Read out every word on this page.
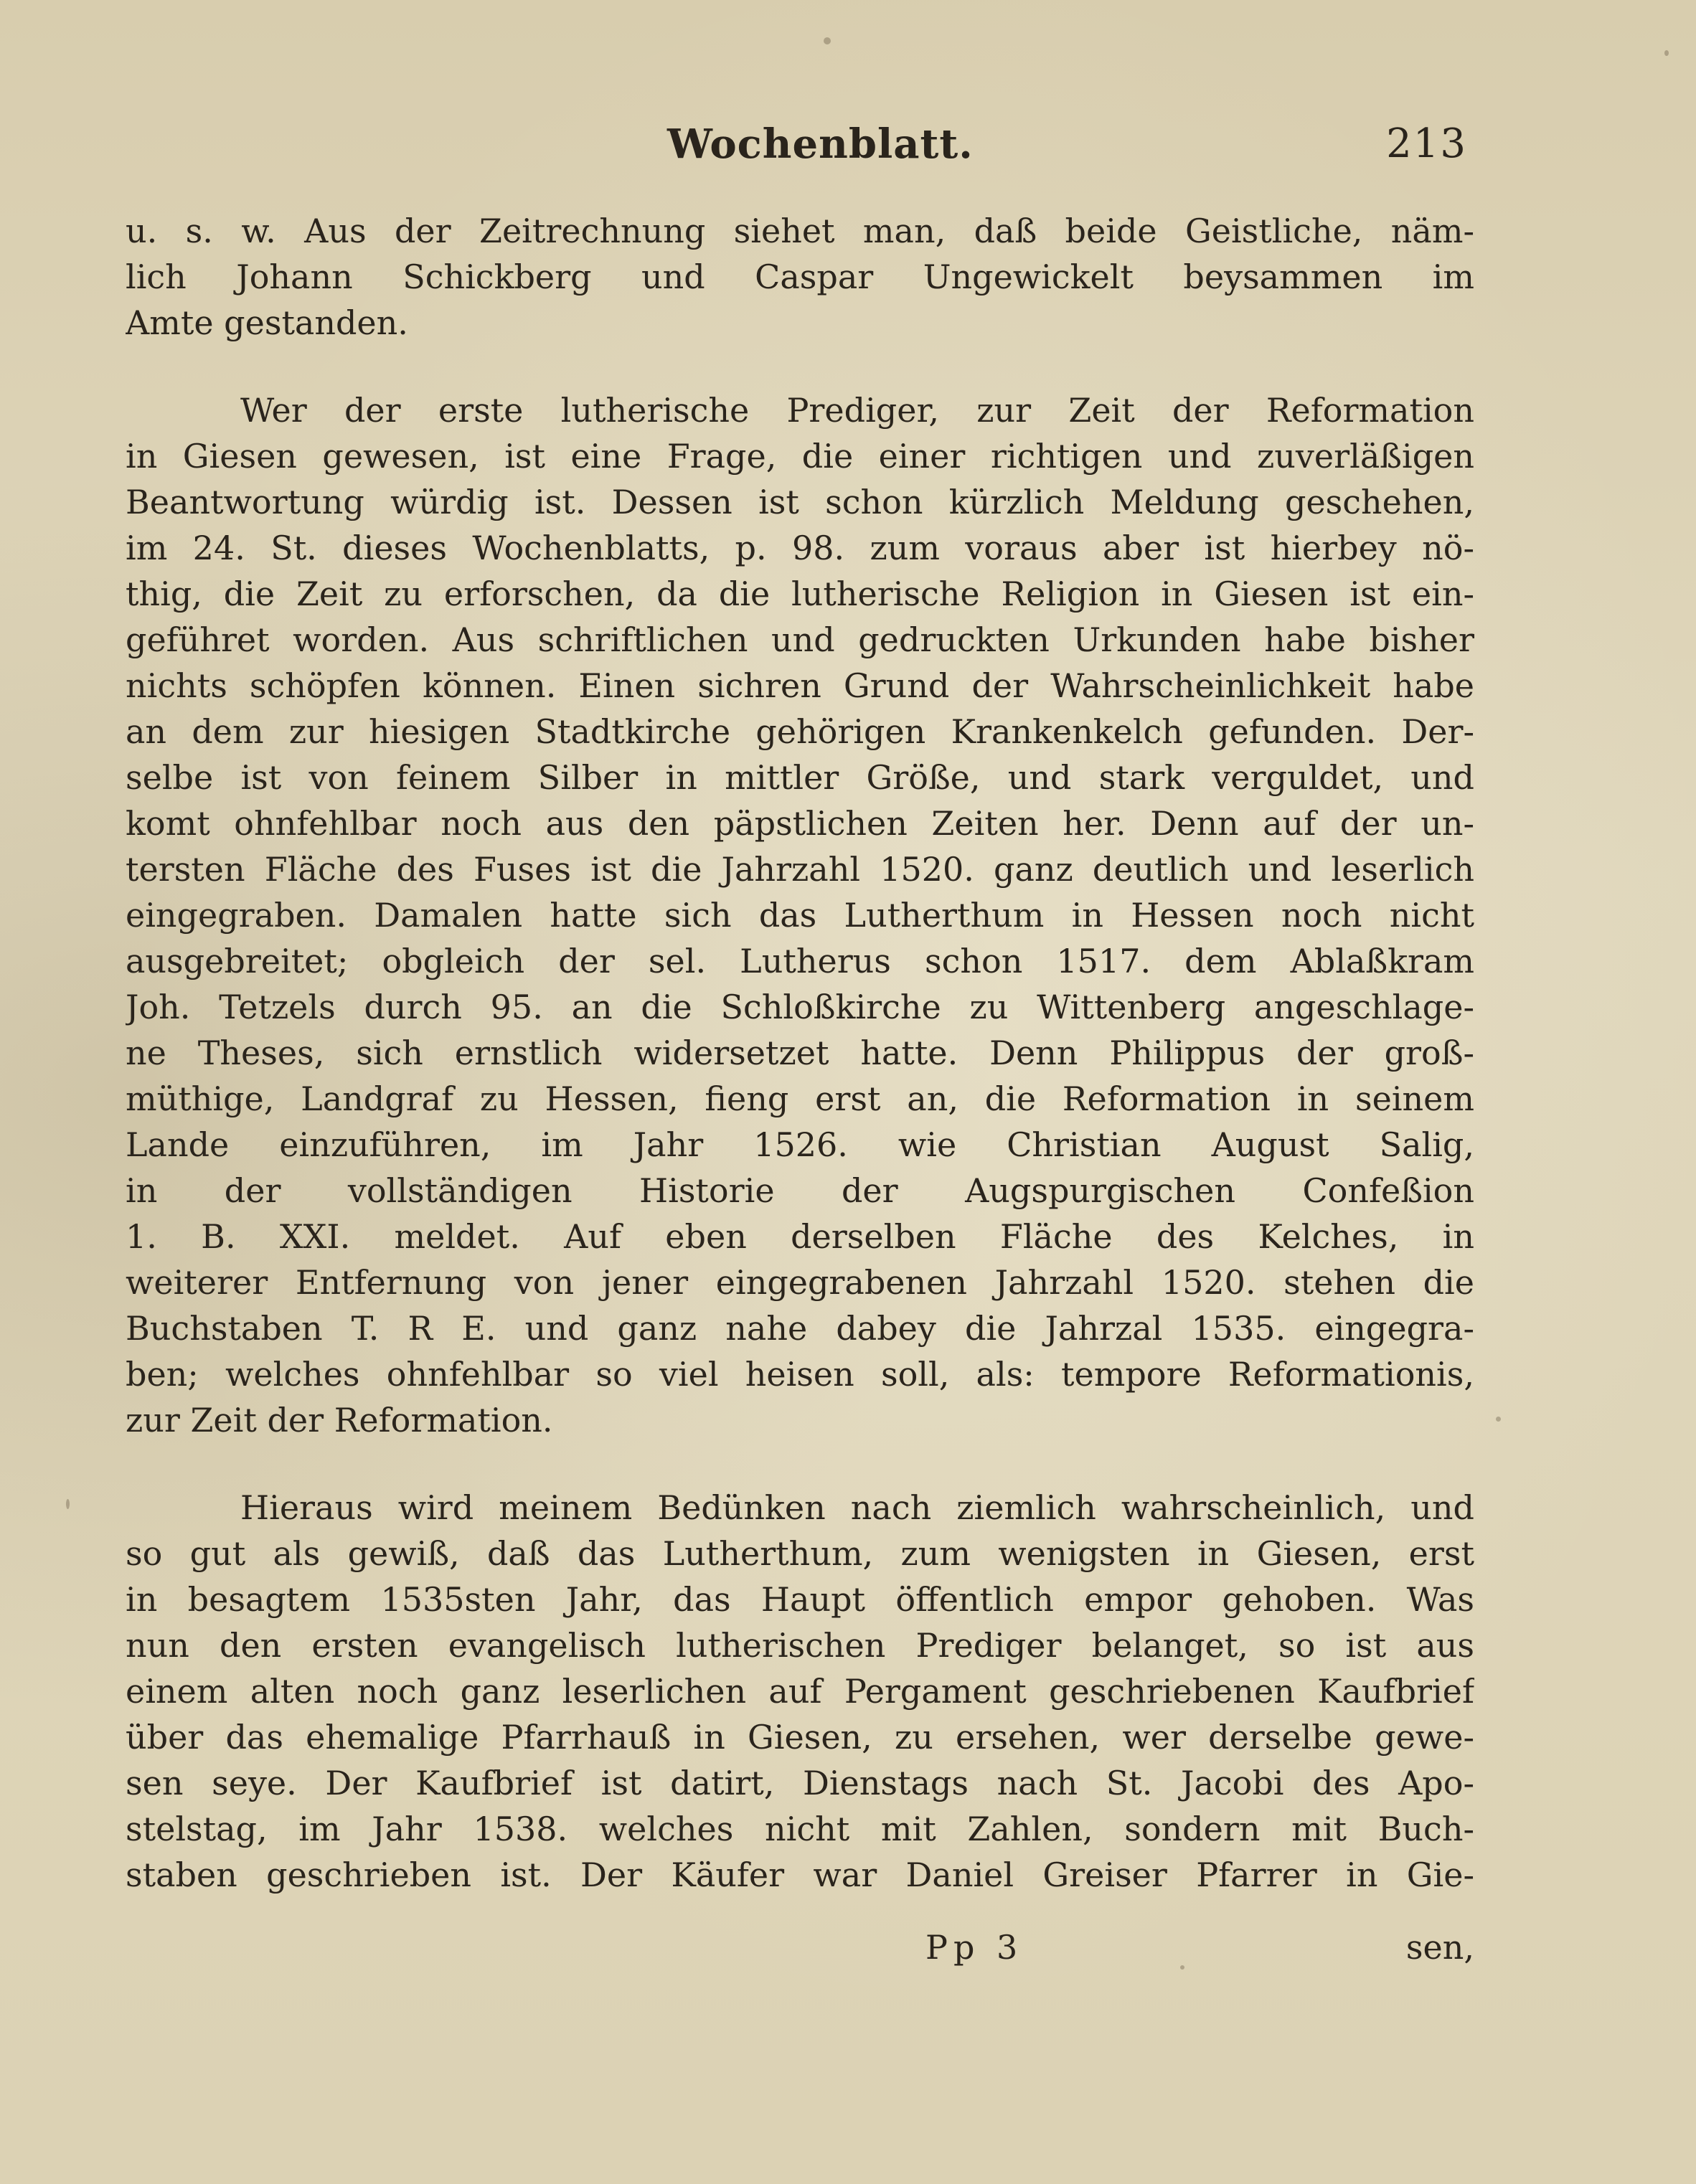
Wochenblatt.	213
u. s. w. Aus der Zeitrechnung siehet man, daß beide Geistliche, näm-
lich Johann Schickberg und Caspar Ungewickelt beysammen im
Amte gestanden.
Wer der erste lutherische Prediger, zur Zeit der Reformation
in Giesen gewesen, ist eine Frage, die einer richtigen und zuverläßigen
Beantwortung würdig ist. Dessen ist schon kürzlich Meldung geschehen,
im 24. St. dieses Wochenblatts, p. 98. zum voraus aber ist hierbey nö-
thig, die Zeit zu erforschen, da die lutherische Religion in Giesen ist ein-
geführet worden. Aus schriftlichen und gedruckten Urkunden habe bisher
nichts schöpfen können. Einen sichren Grund der Wahrscheinlichkeit habe
an dem zur hiesigen Stadtkirche gehörigen Krankenkelch gefunden. Der-
selbe ist von feinem Silber in mittler Größe, und stark verguldet, und
komt ohnfehlbar noch aus den päpstlichen Zeiten her. Denn auf der un-
tersten Fläche des Fuses ist die Jahrzahl 1520. ganz deutlich und leserlich
eingegraben. Damalen hatte sich das Lutherthum in Hessen noch nicht
ausgebreitet; obgleich der sel. Lutherus schon 1517. dem Ablaßkram
Joh. Tetzels durch 95. an die Schloßkirche zu Wittenberg angeschlage-
ne Theses, sich ernstlich widersetzet hatte. Denn Philippus der groß-
müthige, Landgraf zu Hessen, fieng erst an, die Reformation in seinem
Lande einzuführen, im Jahr 1526. wie Christian August Salig,
in der vollständigen Historie der Augspurgischen Confeßion
1. B. XXI. meldet. Auf eben derselben Fläche des Kelches, in
weiterer Entfernung von jener eingegrabenen Jahrzahl 1520. stehen die
Buchstaben T. R E. und ganz nahe dabey die Jahrzal 1535. eingegra-
ben; welches ohnfehlbar so viel heisen soll, als: tempore Reformationis,
zur Zeit der Reformation.
Hieraus wird meinem Bedünken nach ziemlich wahrscheinlich, und
so gut als gewiß, daß das Lutherthum, zum wenigsten in Giesen, erst
in besagtem 1535sten Jahr, das Haupt öffentlich empor gehoben. Was
nun den ersten evangelisch lutherischen Prediger belanget, so ist aus
einem alten noch ganz leserlichen auf Pergament geschriebenen Kaufbrief
über das ehemalige Pfarrhauß in Giesen, zu ersehen, wer derselbe gewe-
sen seye. Der Kaufbrief ist datirt, Dienstags nach St. Jacobi des Apo-
stelstag, im Jahr 1538. welches nicht mit Zahlen, sondern mit Buch-
staben geschrieben ist. Der Käufer war Daniel Greiser Pfarrer in Gie-
Pp 3	sen,
